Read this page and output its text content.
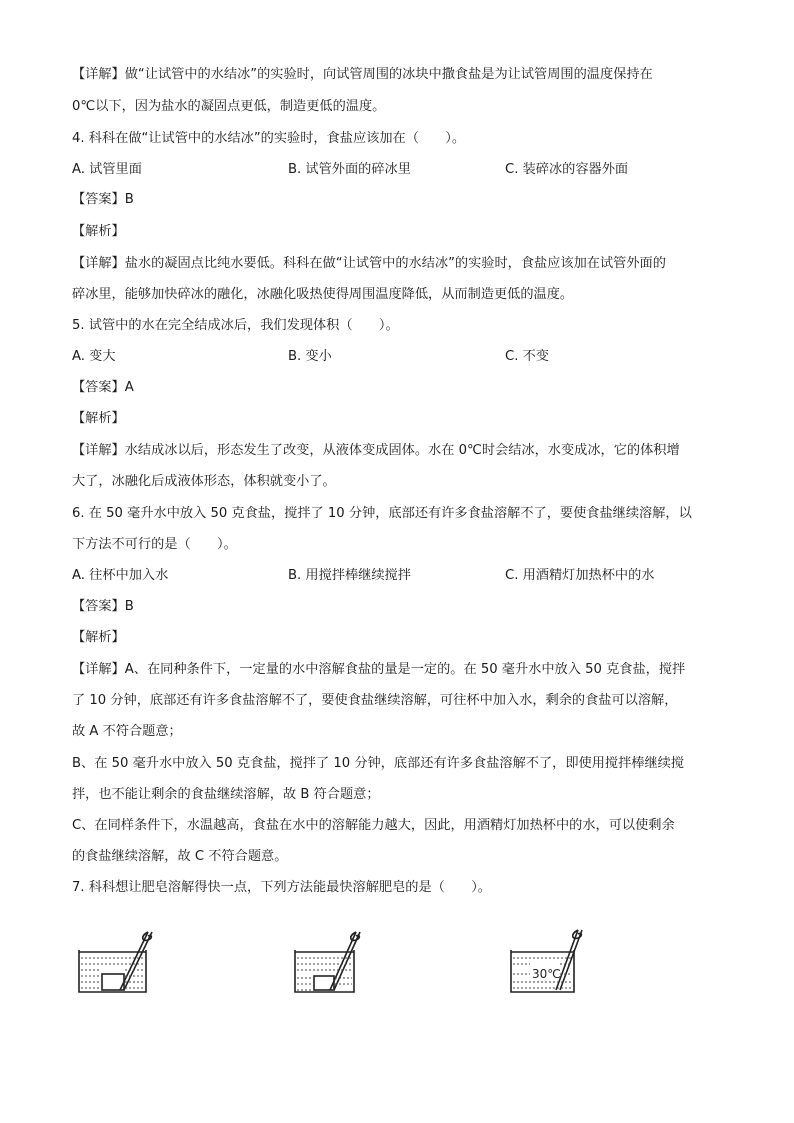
【详解】做“让试管中的水结冰”的实验时，向试管周围的冰块中撒食盐是为让试管周围的温度保持在
0℃以下，因为盐水的凝固点更低，制造更低的温度。
4. 科科在做“让试管中的水结冰”的实验时，食盐应该加在（　　）。
A. 试管里面	B. 试管外面的碎冰里	C. 装碎冰的容器外面
【答案】B
【解析】
【详解】盐水的凝固点比纯水要低。科科在做“让试管中的水结冰”的实验时，食盐应该加在试管外面的
碎冰里，能够加快碎冰的融化，冰融化吸热使得周围温度降低，从而制造更低的温度。
5. 试管中的水在完全结成冰后，我们发现体积（　　）。
A. 变大	B. 变小	C. 不变
【答案】A
【解析】
【详解】水结成冰以后，形态发生了改变，从液体变成固体。水在 0℃时会结冰，水变成冰，它的体积增
大了，冰融化后成液体形态，体积就变小了。
6. 在 50 毫升水中放入 50 克食盐，搅拌了 10 分钟，底部还有许多食盐溶解不了，要使食盐继续溶解，以
下方法不可行的是（　　）。
A. 往杯中加入水	B. 用搅拌棒继续搅拌	C. 用酒精灯加热杯中的水
【答案】B
【解析】
【详解】A、在同种条件下，一定量的水中溶解食盐的量是一定的。在 50 毫升水中放入 50 克食盐，搅拌
了 10 分钟，底部还有许多食盐溶解不了，要使食盐继续溶解，可往杯中加入水，剩余的食盐可以溶解，
故 A 不符合题意；
B、在 50 毫升水中放入 50 克食盐，搅拌了 10 分钟，底部还有许多食盐溶解不了，即使用搅拌棒继续搅
拌，也不能让剩余的食盐继续溶解，故 B 符合题意；
C、在同样条件下，水温越高，食盐在水中的溶解能力越大，因此，用酒精灯加热杯中的水，可以使剩余
的食盐继续溶解，故 C 不符合题意。
7. 科科想让肥皂溶解得快一点，下列方法能最快溶解肥皂的是（　　）。
30℃
